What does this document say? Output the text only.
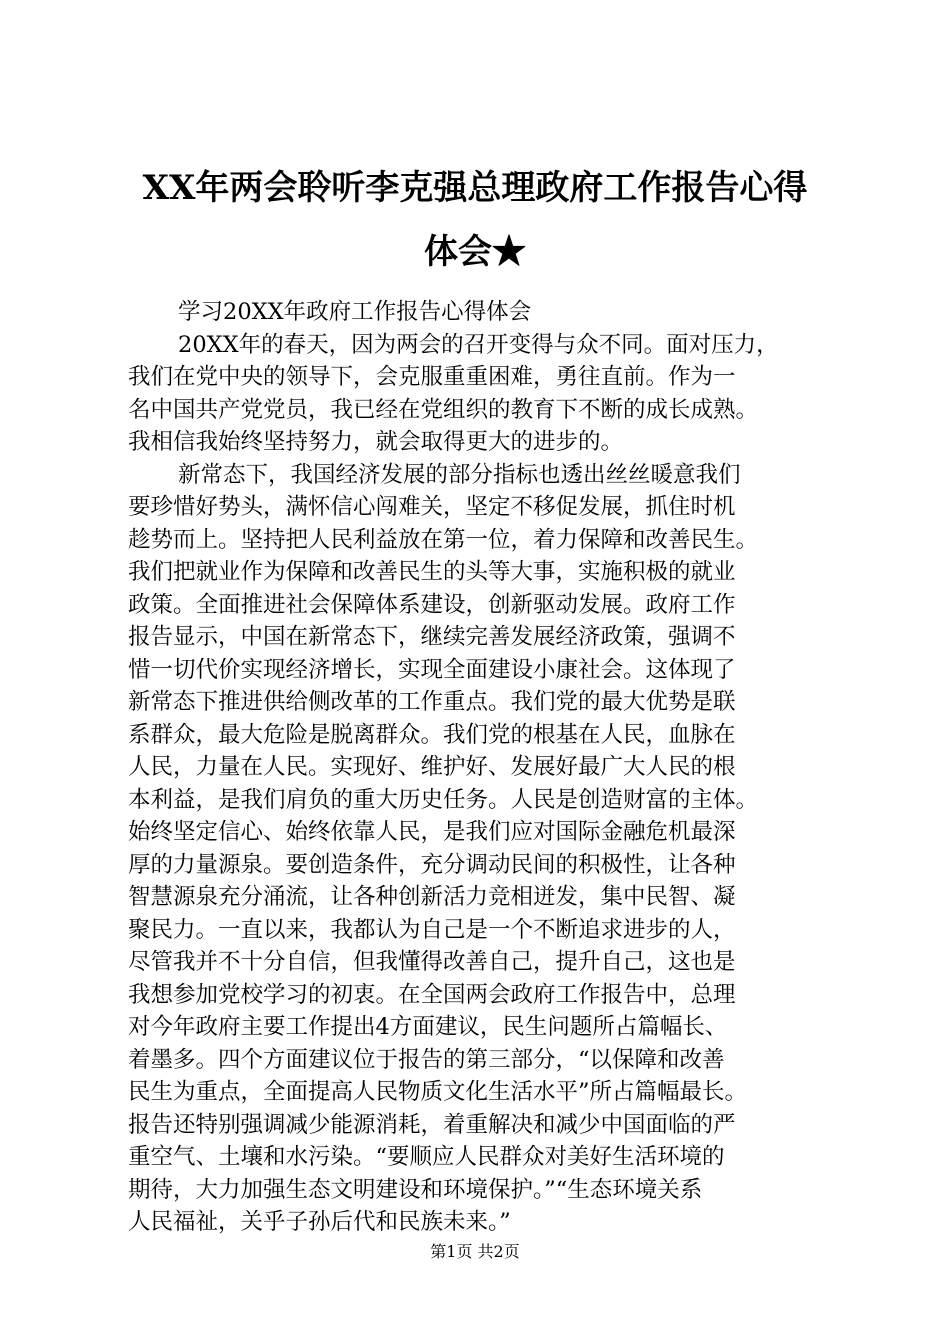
XX年两会聆听李克强总理政府工作报告心得
体会★
学习20XX年政府工作报告心得体会
20XX年的春天，因为两会的召开变得与众不同。面对压力，
我们在党中央的领导下，会克服重重困难，勇往直前。作为一
名中国共产党党员，我已经在党组织的教育下不断的成长成熟。
我相信我始终坚持努力，就会取得更大的进步的。
新常态下，我国经济发展的部分指标也透出丝丝暖意我们
要珍惜好势头，满怀信心闯难关，坚定不移促发展，抓住时机
趁势而上。坚持把人民利益放在第一位，着力保障和改善民生。
我们把就业作为保障和改善民生的头等大事，实施积极的就业
政策。全面推进社会保障体系建设，创新驱动发展。政府工作
报告显示，中国在新常态下，继续完善发展经济政策，强调不
惜一切代价实现经济增长，实现全面建设小康社会。这体现了
新常态下推进供给侧改革的工作重点。我们党的最大优势是联
系群众，最大危险是脱离群众。我们党的根基在人民，血脉在
人民，力量在人民。实现好、维护好、发展好最广大人民的根
本利益，是我们肩负的重大历史任务。人民是创造财富的主体。
始终坚定信心、始终依靠人民，是我们应对国际金融危机最深
厚的力量源泉。要创造条件，充分调动民间的积极性，让各种
智慧源泉充分涌流，让各种创新活力竞相迸发，集中民智、凝
聚民力。一直以来，我都认为自己是一个不断追求进步的人，
尽管我并不十分自信，但我懂得改善自己，提升自己，这也是
我想参加党校学习的初衷。在全国两会政府工作报告中，总理
对今年政府主要工作提出4方面建议，民生问题所占篇幅长、
着墨多。四个方面建议位于报告的第三部分，“以保障和改善
民生为重点，全面提高人民物质文化生活水平”所占篇幅最长。
报告还特别强调减少能源消耗，着重解决和减少中国面临的严
重空气、土壤和水污染。“要顺应人民群众对美好生活环境的
期待，大力加强生态文明建设和环境保护。”“生态环境关系
人民福祉，关乎子孙后代和民族未来。”
第1页 共2页
